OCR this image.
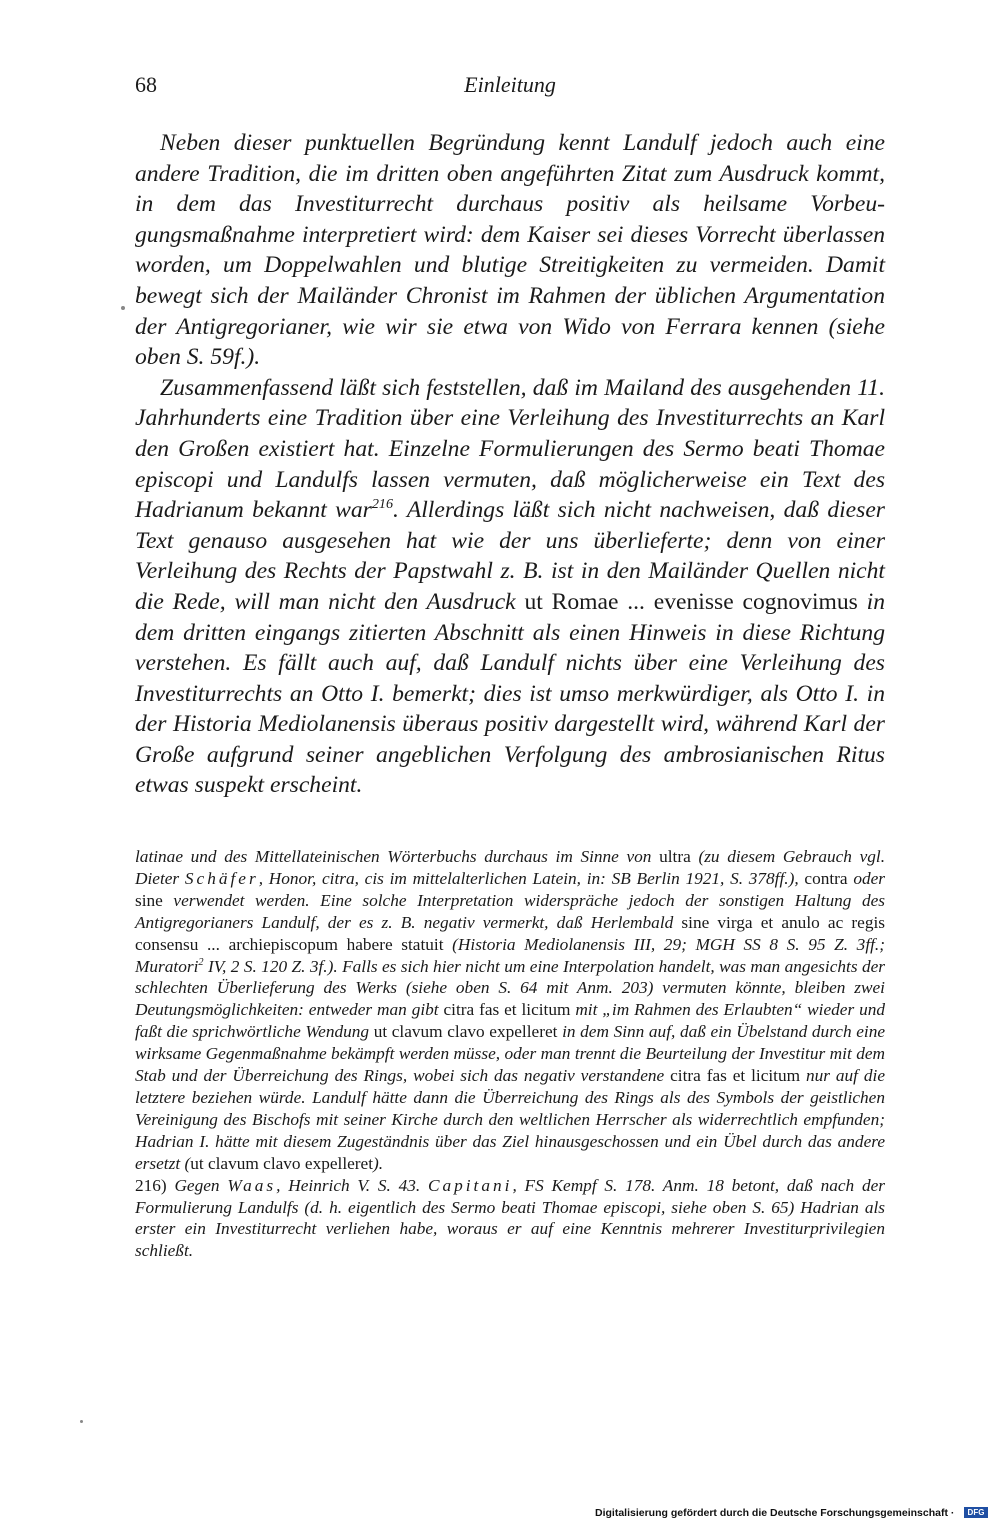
68	Einleitung

Neben dieser punktuellen Begründung kennt Landulf jedoch auch eine andere Tradition, die im dritten oben angeführten Zitat zum Ausdruck kommt, in dem das Investiturrecht durchaus positiv als heilsame Vorbeugungsmaßnahme interpretiert wird: dem Kaiser sei dieses Vorrecht überlassen worden, um Doppelwahlen und blutige Streitigkeiten zu vermeiden. Damit bewegt sich der Mailänder Chronist im Rahmen der üblichen Argumentation der Antigregorianer, wie wir sie etwa von Wido von Ferrara kennen (siehe oben S. 59f.).

Zusammenfassend läßt sich feststellen, daß im Mailand des ausgehenden 11. Jahrhunderts eine Tradition über eine Verleihung des Investiturrechts an Karl den Großen existiert hat. Einzelne Formulierungen des Sermo beati Thomae episcopi und Landulfs lassen vermuten, daß möglicherweise ein Text des Hadrianum bekannt war$^{216}$. Allerdings läßt sich nicht nachweisen, daß dieser Text genauso ausgesehen hat wie der uns überlieferte; denn von einer Verleihung des Rechts der Papstwahl z. B. ist in den Mailänder Quellen nicht die Rede, will man nicht den Ausdruck ut Romae ... evenisse cognovimus in dem dritten eingangs zitierten Abschnitt als einen Hinweis in diese Richtung verstehen. Es fällt auch auf, daß Landulf nichts über eine Verleihung des Investiturrechts an Otto I. bemerkt; dies ist umso merkwürdiger, als Otto I. in der Historia Mediolanensis überaus positiv dargestellt wird, während Karl der Große aufgrund seiner angeblichen Verfolgung des ambrosianischen Ritus etwas suspekt erscheint.

latinae und des Mittellateinischen Wörterbuchs durchaus im Sinne von ultra (zu diesem Gebrauch vgl. Dieter Schäfer, Honor, citra, cis im mittelalterlichen Latein, in: SB Berlin 1921, S. 378ff.), contra oder sine verwendet werden. Eine solche Interpretation widerspräche jedoch der sonstigen Haltung des Antigregorianers Landulf, der es z. B. negativ vermerkt, daß Herlembald sine virga et anulo ac regis consensu ... archiepiscopum habere statuit (Historia Mediolanensis III, 29; MGH SS 8 S. 95 Z. 3ff.; Muratori$^2$ IV, 2 S. 120 Z. 3f.). Falls es sich hier nicht um eine Interpolation handelt, was man angesichts der schlechten Überlieferung des Werks (siehe oben S. 64 mit Anm. 203) vermuten könnte, bleiben zwei Deutungsmöglichkeiten: entweder man gibt citra fas et licitum mit „im Rahmen des Erlaubten“ wieder und faßt die sprichwörtliche Wendung ut clavum clavo expelleret in dem Sinn auf, daß ein Übelstand durch eine wirksame Gegenmaßnahme bekämpft werden müsse, oder man trennt die Beurteilung der Investitur mit dem Stab und der Überreichung des Rings, wobei sich das negativ verstandene citra fas et licitum nur auf die letztere beziehen würde. Landulf hätte dann die Überreichung des Rings als des Symbols der geistlichen Vereinigung des Bischofs mit seiner Kirche durch den weltlichen Herrscher als widerrechtlich empfunden; Hadrian I. hätte mit diesem Zugeständnis über das Ziel hinausgeschossen und ein Übel durch das andere ersetzt (ut clavum clavo expelleret).

216) Gegen Waas, Heinrich V. S. 43. Capitani, FS Kempf S. 178. Anm. 18 betont, daß nach der Formulierung Landulfs (d. h. eigentlich des Sermo beati Thomae episcopi, siehe oben S. 65) Hadrian als erster ein Investiturrecht verliehen habe, woraus er auf eine Kenntnis mehrerer Investiturprivilegien schließt.

Digitalisierung gefördert durch die Deutsche Forschungsgemeinschaft ·	DFG
